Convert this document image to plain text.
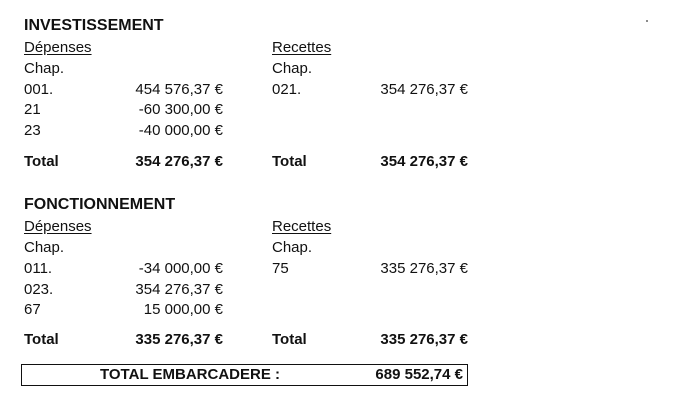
INVESTISSEMENT
Dépenses	Recettes
Chap.	Chap.
001.	454 576,37 €	021.	354 276,37 €
21	-60 300,00 €
23	-40 000,00 €
Total	354 276,37 €	Total	354 276,37 €
FONCTIONNEMENT
Dépenses	Recettes
Chap.	Chap.
011.	-34 000,00 €	75	335 276,37 €
023.	354 276,37 €
67	15 000,00 €
Total	335 276,37 €	Total	335 276,37 €
TOTAL EMBARCADERE :	689 552,74 €
